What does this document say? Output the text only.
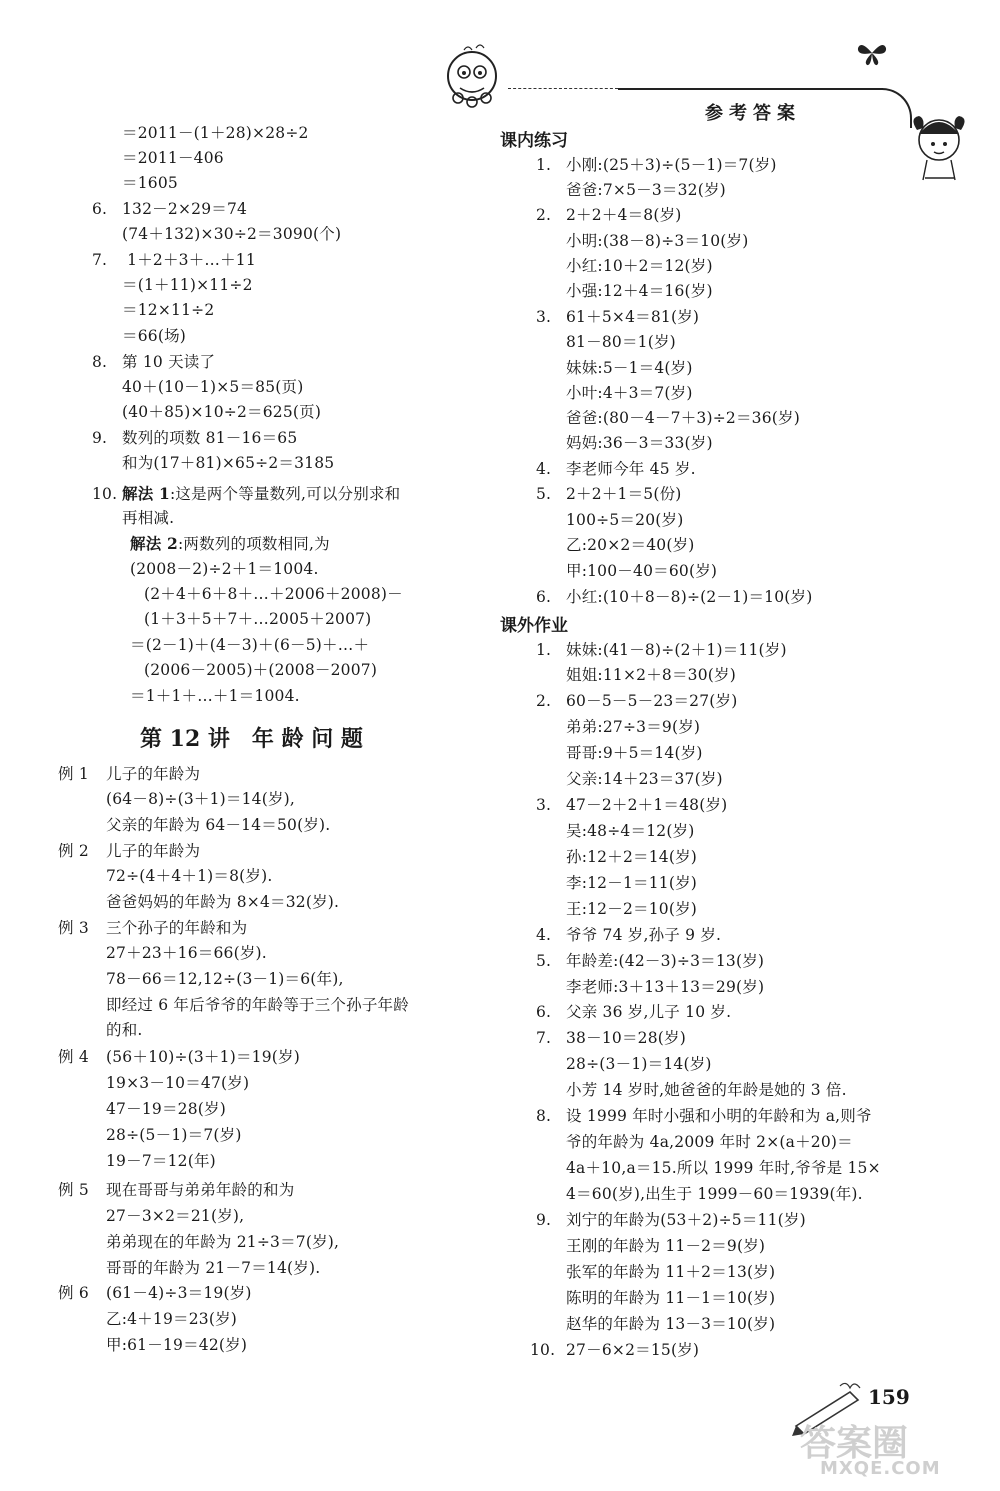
参考答案
＝2011－(1＋28)×28÷2
＝2011－406
＝1605
6. 132－2×29＝74
(74＋132)×30÷2＝3090(个)
7. 1＋2＋3＋…＋11
＝(1＋11)×11÷2
＝12×11÷2
＝66(场)
8. 第 10 天读了
40＋(10－1)×5＝85(页)
(40＋85)×10÷2＝625(页)
9. 数列的项数 81－16＝65
和为(17＋81)×65÷2＝3185
10. 解法 1:这是两个等量数列,可以分别求和
再相减.
解法 2:两数列的项数相同,为
(2008－2)÷2＋1＝1004.
(2＋4＋6＋8＋…＋2006＋2008)－
(1＋3＋5＋7＋…2005＋2007)
＝(2－1)＋(4－3)＋(6－5)＋…＋
(2006－2005)＋(2008－2007)
＝1＋1＋…＋1＝1004.
第 12 讲　年 龄 问 题
例 1 儿子的年龄为
(64－8)÷(3＋1)＝14(岁),
父亲的年龄为 64－14＝50(岁).
例 2 儿子的年龄为
72÷(4＋4＋1)＝8(岁).
爸爸妈妈的年龄为 8×4＝32(岁).
例 3 三个孙子的年龄和为
27＋23＋16＝66(岁).
78－66＝12,12÷(3－1)＝6(年),
即经过 6 年后爷爷的年龄等于三个孙子年龄
的和.
例 4 (56＋10)÷(3＋1)＝19(岁)
19×3－10＝47(岁)
47－19＝28(岁)
28÷(5－1)＝7(岁)
19－7＝12(年)
例 5 现在哥哥与弟弟年龄的和为
27－3×2＝21(岁),
弟弟现在的年龄为 21÷3＝7(岁),
哥哥的年龄为 21－7＝14(岁).
例 6 (61－4)÷3＝19(岁)
乙:4＋19＝23(岁)
甲:61－19＝42(岁)
课内练习
1. 小刚:(25＋3)÷(5－1)＝7(岁)
爸爸:7×5－3＝32(岁)
2. 2＋2＋4＝8(岁)
小明:(38－8)÷3＝10(岁)
小红:10＋2＝12(岁)
小强:12＋4＝16(岁)
3. 61＋5×4＝81(岁)
81－80＝1(岁)
妹妹:5－1＝4(岁)
小叶:4＋3＝7(岁)
爸爸:(80－4－7＋3)÷2＝36(岁)
妈妈:36－3＝33(岁)
4. 李老师今年 45 岁.
5. 2＋2＋1＝5(份)
100÷5＝20(岁)
乙:20×2＝40(岁)
甲:100－40＝60(岁)
6. 小红:(10＋8－8)÷(2－1)＝10(岁)
课外作业
1. 妹妹:(41－8)÷(2＋1)＝11(岁)
姐姐:11×2＋8＝30(岁)
2. 60－5－5－23＝27(岁)
弟弟:27÷3＝9(岁)
哥哥:9＋5＝14(岁)
父亲:14＋23＝37(岁)
3. 47－2＋2＋1＝48(岁)
吴:48÷4＝12(岁)
孙:12＋2＝14(岁)
李:12－1＝11(岁)
王:12－2＝10(岁)
4. 爷爷 74 岁,孙子 9 岁.
5. 年龄差:(42－3)÷3＝13(岁)
李老师:3＋13＋13＝29(岁)
6. 父亲 36 岁,儿子 10 岁.
7. 38－10＝28(岁)
28÷(3－1)＝14(岁)
小芳 14 岁时,她爸爸的年龄是她的 3 倍.
8. 设 1999 年时小强和小明的年龄和为 a,则爷
爷的年龄为 4a,2009 年时 2×(a＋20)＝
4a＋10,a＝15.所以 1999 年时,爷爷是 15×
4＝60(岁),出生于 1999－60＝1939(年).
9. 刘宁的年龄为(53＋2)÷5＝11(岁)
王刚的年龄为 11－2＝9(岁)
张军的年龄为 11＋2＝13(岁)
陈明的年龄为 11－1＝10(岁)
赵华的年龄为 13－3＝10(岁)
10. 27－6×2＝15(岁)
159
答案圈
MXQE.COM
